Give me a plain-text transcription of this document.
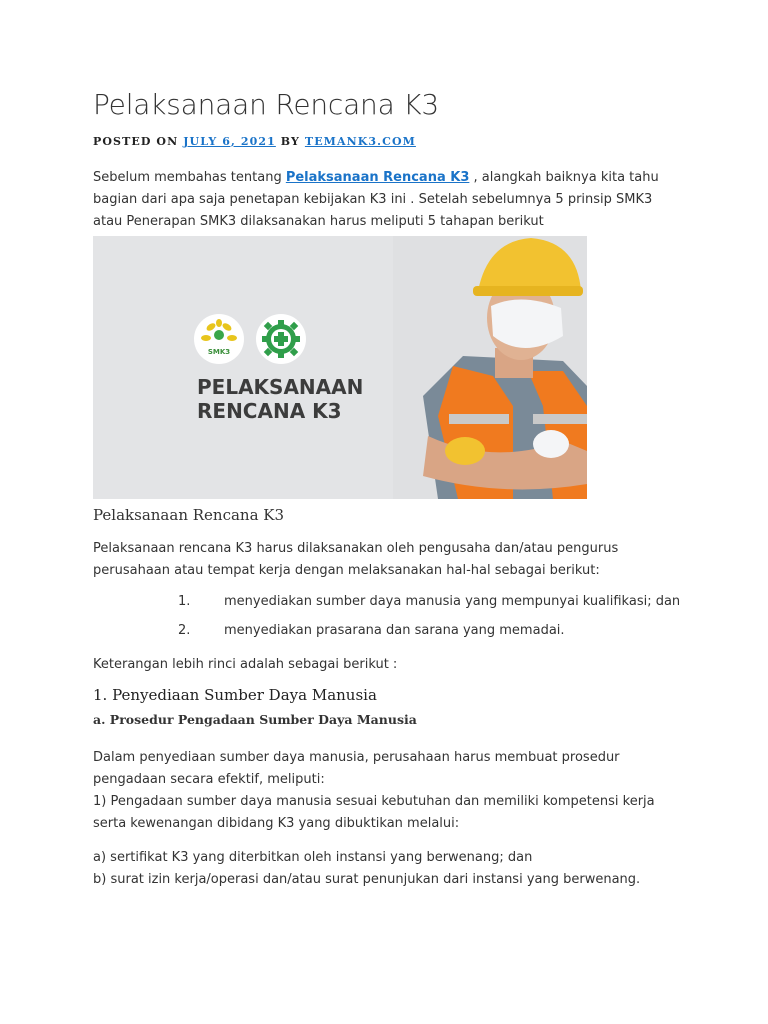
Pelaksanaan Rencana K3
POSTED ON JULY 6, 2021 BY TEMANK3.COM

Sebelum membahas tentang Pelaksanaan Rencana K3 , alangkah baiknya kita tahu bagian dari apa saja penetapan kebijakan K3 ini . Setelah sebelumnya 5 prinsip SMK3 atau Penerapan SMK3 dilaksanakan harus meliputi 5 tahapan berikut

SMK3
PELAKSANAAN
RENCANA K3
Pelaksanaan Rencana K3

Pelaksanaan rencana K3 harus dilaksanakan oleh pengusaha dan/atau pengurus perusahaan atau tempat kerja dengan melaksanakan hal-hal sebagai berikut:

1.	menyediakan sumber daya manusia yang mempunyai kualifikasi; dan
2.	menyediakan prasarana dan sarana yang memadai.

Keterangan lebih rinci adalah sebagai berikut :

1. Penyediaan Sumber Daya Manusia
a. Prosedur Pengadaan Sumber Daya Manusia

Dalam penyediaan sumber daya manusia, perusahaan harus membuat prosedur pengadaan secara efektif, meliputi:

1) Pengadaan sumber daya manusia sesuai kebutuhan dan memiliki kompetensi kerja serta kewenangan dibidang K3 yang dibuktikan melalui:

a) sertifikat K3 yang diterbitkan oleh instansi yang berwenang; dan

b) surat izin kerja/operasi dan/atau surat penunjukan dari instansi yang berwenang.
